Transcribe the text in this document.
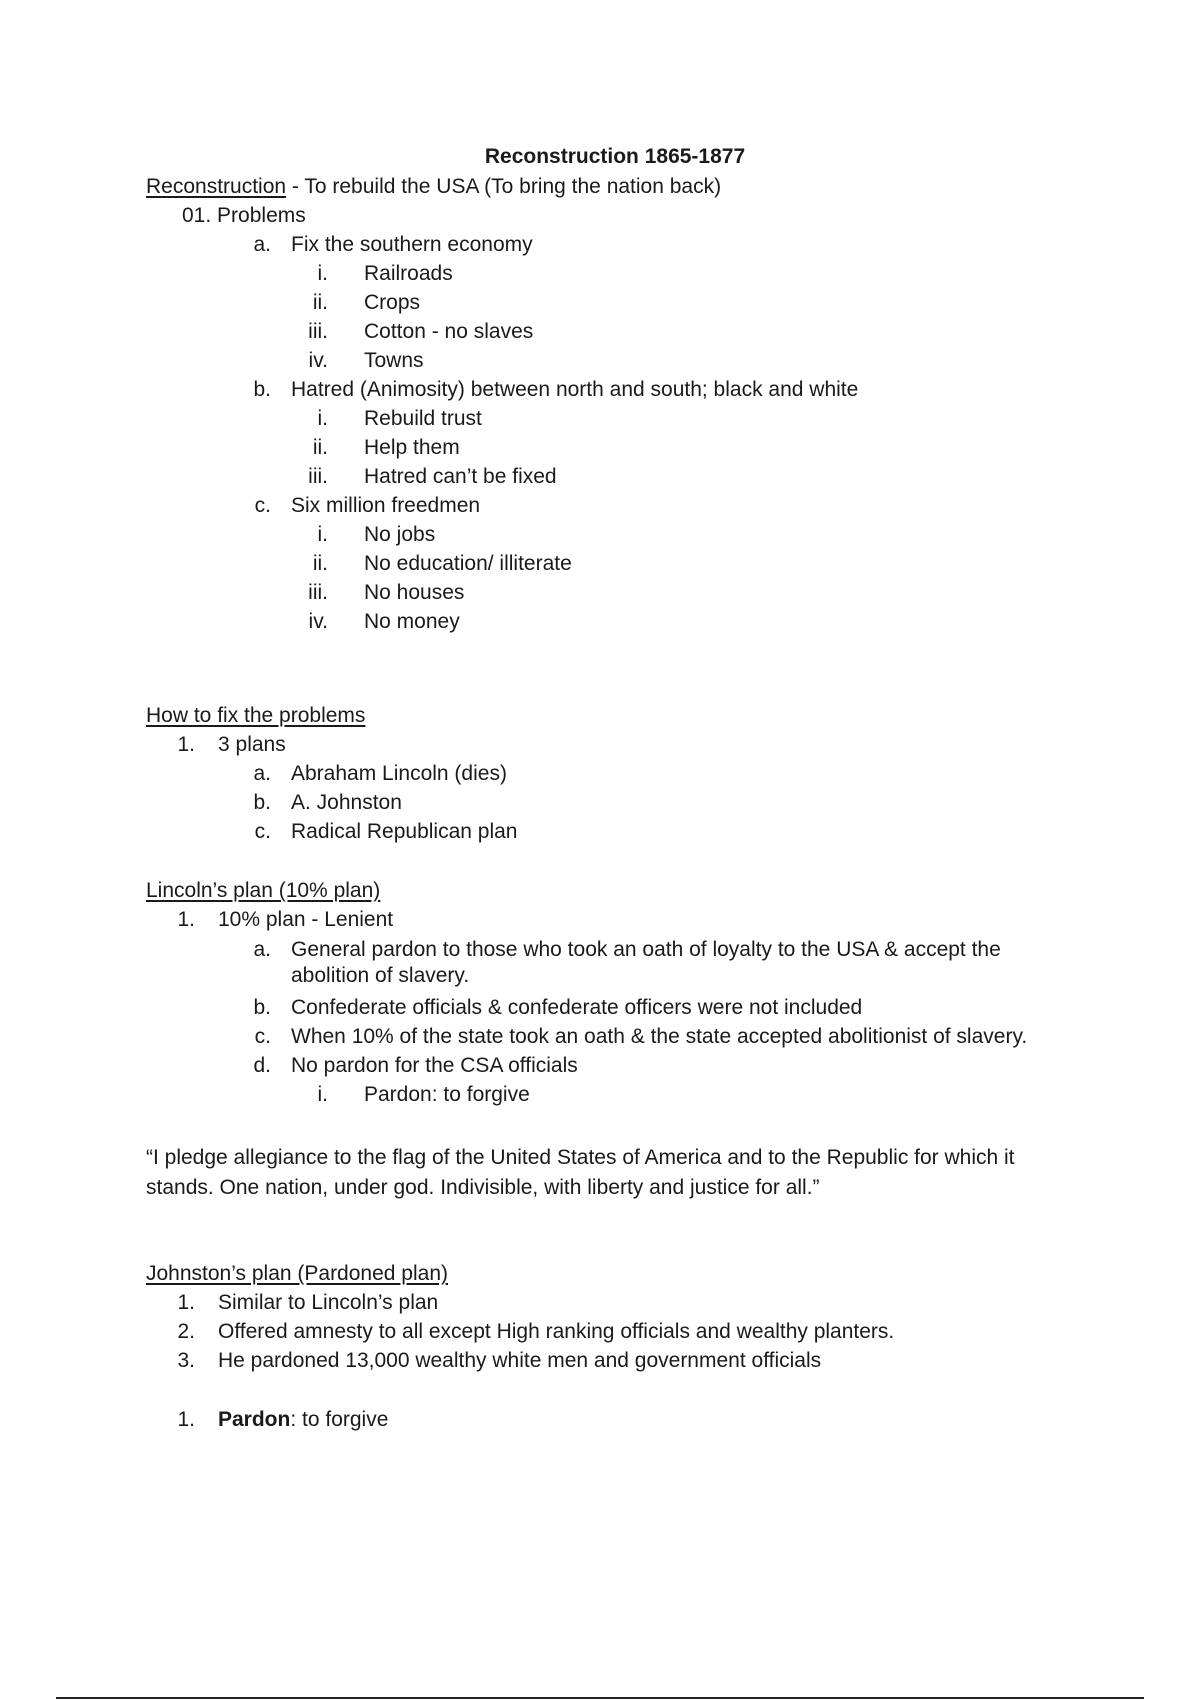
Reconstruction 1865-1877
Reconstruction - To rebuild the USA (To bring the nation back)
01. Problems
a. Fix the southern economy
i. Railroads
ii. Crops
iii. Cotton - no slaves
iv. Towns
b. Hatred (Animosity) between north and south; black and white
i. Rebuild trust
ii. Help them
iii. Hatred can’t be fixed
c. Six million freedmen
i. No jobs
ii. No education/ illiterate
iii. No houses
iv. No money
How to fix the problems
1. 3 plans
a. Abraham Lincoln (dies)
b. A. Johnston
c. Radical Republican plan
Lincoln’s plan (10% plan)
1. 10% plan - Lenient
a. General pardon to those who took an oath of loyalty to the USA & accept the abolition of slavery.
b. Confederate officials & confederate officers were not included
c. When 10% of the state took an oath & the state accepted abolitionist of slavery.
d. No pardon for the CSA officials
i. Pardon: to forgive
“I pledge allegiance to the flag of the United States of America and to the Republic for which it stands. One nation, under god. Indivisible, with liberty and justice for all.”
Johnston’s plan (Pardoned plan)
1. Similar to Lincoln’s plan
2. Offered amnesty to all except High ranking officials and wealthy planters.
3. He pardoned 13,000 wealthy white men and government officials
1. Pardon: to forgive
